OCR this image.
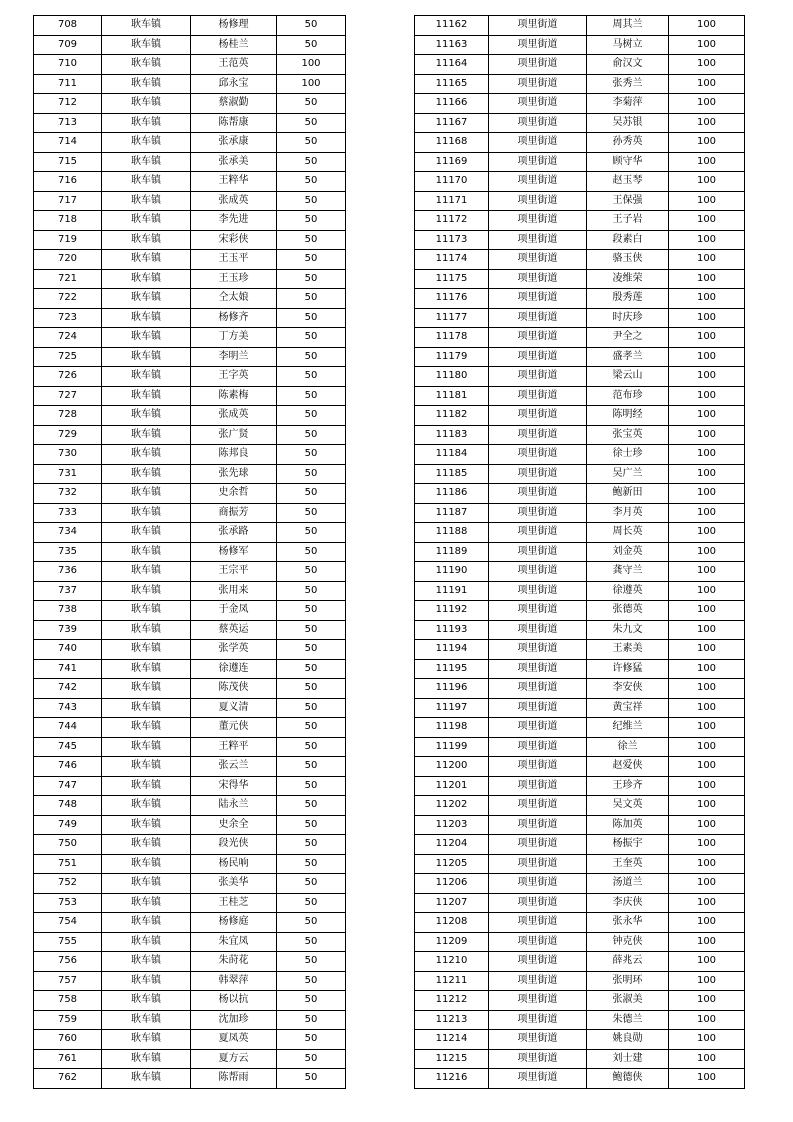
708	耿车镇	杨修理	50
709	耿车镇	杨桂兰	50
710	耿车镇	王范英	100
711	耿车镇	邱永宝	100
712	耿车镇	蔡淑勤	50
713	耿车镇	陈帮康	50
714	耿车镇	张承康	50
715	耿车镇	张承美	50
716	耿车镇	王粹华	50
717	耿车镇	张成英	50
718	耿车镇	李先进	50
719	耿车镇	宋彩侠	50
720	耿车镇	王玉平	50
721	耿车镇	王玉珍	50
722	耿车镇	仝太娘	50
723	耿车镇	杨修齐	50
724	耿车镇	丁方美	50
725	耿车镇	李明兰	50
726	耿车镇	王字英	50
727	耿车镇	陈素梅	50
728	耿车镇	张成英	50
729	耿车镇	张广贤	50
730	耿车镇	陈邦良	50
731	耿车镇	张先球	50
732	耿车镇	史余哲	50
733	耿车镇	商振芳	50
734	耿车镇	张承路	50
735	耿车镇	杨修军	50
736	耿车镇	王宗平	50
737	耿车镇	张用来	50
738	耿车镇	于金凤	50
739	耿车镇	蔡英运	50
740	耿车镇	张学英	50
741	耿车镇	徐遵连	50
742	耿车镇	陈茂侠	50
743	耿车镇	夏义清	50
744	耿车镇	董元侠	50
745	耿车镇	王粹平	50
746	耿车镇	张云兰	50
747	耿车镇	宋得华	50
748	耿车镇	陆永兰	50
749	耿车镇	史余全	50
750	耿车镇	段光侠	50
751	耿车镇	杨民响	50
752	耿车镇	张美华	50
753	耿车镇	王桂芝	50
754	耿车镇	杨修庭	50
755	耿车镇	朱宜凤	50
756	耿车镇	朱莳花	50
757	耿车镇	韩翠萍	50
758	耿车镇	杨以抗	50
759	耿车镇	沈加珍	50
760	耿车镇	夏凤英	50
761	耿车镇	夏方云	50
762	耿车镇	陈帮雨	50
11162	项里街道	周其兰	100
11163	项里街道	马树立	100
11164	项里街道	俞汉文	100
11165	项里街道	张秀兰	100
11166	项里街道	李菊萍	100
11167	项里街道	吴苏银	100
11168	项里街道	孙秀英	100
11169	项里街道	顾守华	100
11170	项里街道	赵玉琴	100
11171	项里街道	王保强	100
11172	项里街道	王子岩	100
11173	项里街道	段素白	100
11174	项里街道	骆玉侠	100
11175	项里街道	凌维荣	100
11176	项里街道	殷秀莲	100
11177	项里街道	时庆珍	100
11178	项里街道	尹全之	100
11179	项里街道	盛孝兰	100
11180	项里街道	梁云山	100
11181	项里街道	范布珍	100
11182	项里街道	陈明经	100
11183	项里街道	张宝英	100
11184	项里街道	徐士珍	100
11185	项里街道	吴广兰	100
11186	项里街道	鲍新田	100
11187	项里街道	李月英	100
11188	项里街道	周长英	100
11189	项里街道	刘金英	100
11190	项里街道	龚守兰	100
11191	项里街道	徐遵英	100
11192	项里街道	张德英	100
11193	项里街道	朱九文	100
11194	项里街道	王素美	100
11195	项里街道	许修猛	100
11196	项里街道	李安侠	100
11197	项里街道	黄宝祥	100
11198	项里街道	纪维兰	100
11199	项里街道	徐兰	100
11200	项里街道	赵爱侠	100
11201	项里街道	王珍齐	100
11202	项里街道	吴文英	100
11203	项里街道	陈加英	100
11204	项里街道	杨振宇	100
11205	项里街道	王奎英	100
11206	项里街道	汤道兰	100
11207	项里街道	李庆侠	100
11208	项里街道	张永华	100
11209	项里街道	钟克侠	100
11210	项里街道	薛兆云	100
11211	项里街道	张明环	100
11212	项里街道	张淑美	100
11213	项里街道	朱德兰	100
11214	项里街道	姚良勋	100
11215	项里街道	刘士建	100
11216	项里街道	鲍德侠	100
